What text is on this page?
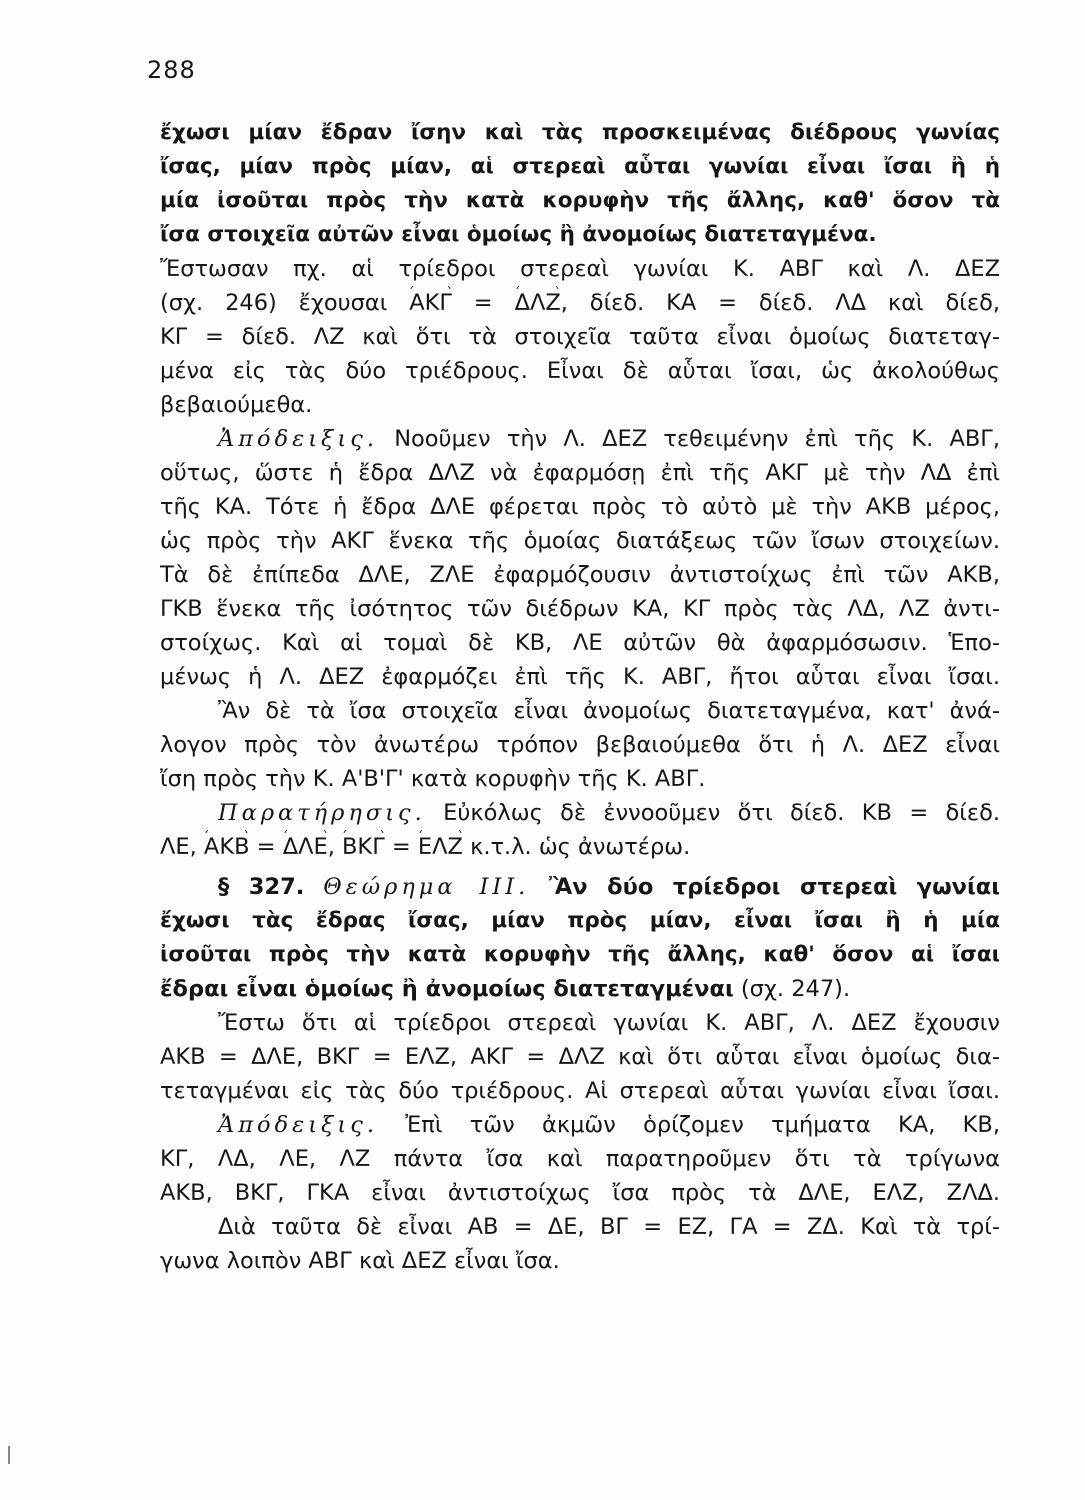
288
ἔχωσι μίαν ἔδραν ἴσην καὶ τὰς προσκειμένας διέδρους γωνίας
ἴσας, μίαν πρὸς μίαν, αἱ στερεαὶ αὗται γωνίαι εἶναι ἴσαι ἢ ἡ
μία ἰσοῦται πρὸς τὴν κατὰ κορυφὴν τῆς ἄλλης, καθ' ὅσον τὰ
ἴσα στοιχεῖα αὐτῶν εἶναι ὁμοίως ἢ ἀνομοίως διατεταγμένα.
Ἔστωσαν πχ. αἱ τρίεδροι στερεαὶ γωνίαι Κ. ΑΒΓ καὶ Λ. ΔΕΖ
(σχ. 246) ἔχουσαι ΑΚΓ = ΔΛΖ, δίεδ. ΚΑ = δίεδ. ΛΔ καὶ δίεδ,
ΚΓ = δίεδ. ΛΖ καὶ ὅτι τὰ στοιχεῖα ταῦτα εἶναι ὁμοίως διατεταγ-
μένα εἰς τὰς δύο τριέδρους. Εἶναι δὲ αὗται ἴσαι, ὡς ἀκολούθως
βεβαιούμεθα.
Ἀπόδειξις. Νοοῦμεν τὴν Λ. ΔΕΖ τεθειμένην ἐπὶ τῆς Κ. ΑΒΓ,
οὕτως, ὥστε ἡ ἔδρα ΔΛΖ νὰ ἐφαρμόσῃ ἐπὶ τῆς ΑΚΓ μὲ τὴν ΛΔ ἐπὶ
τῆς ΚΑ. Τότε ἡ ἔδρα ΔΛΕ φέρεται πρὸς τὸ αὐτὸ μὲ τὴν ΑΚΒ μέρος,
ὡς πρὸς τὴν ΑΚΓ ἕνεκα τῆς ὁμοίας διατάξεως τῶν ἴσων στοιχείων.
Τὰ δὲ ἐπίπεδα ΔΛΕ, ΖΛΕ ἐφαρμόζουσιν ἀντιστοίχως ἐπὶ τῶν ΑΚΒ,
ΓΚΒ ἕνεκα τῆς ἰσότητος τῶν διέδρων ΚΑ, ΚΓ πρὸς τὰς ΛΔ, ΛΖ ἀντι-
στοίχως. Καὶ αἱ τομαὶ δὲ ΚΒ, ΛΕ αὐτῶν θὰ ἀφαρμόσωσιν. Ἑπο-
μένως ἡ Λ. ΔΕΖ ἐφαρμόζει ἐπὶ τῆς Κ. ΑΒΓ, ἤτοι αὗται εἶναι ἴσαι.
Ἂν δὲ τὰ ἴσα στοιχεῖα εἶναι ἀνομοίως διατεταγμένα, κατ' ἀνά-
λογον πρὸς τὸν ἀνωτέρω τρόπον βεβαιούμεθα ὅτι ἡ Λ. ΔΕΖ εἶναι
ἴση πρὸς τὴν Κ. Α'Β'Γ' κατὰ κορυφὴν τῆς Κ. ΑΒΓ.
Παρατήρησις. Εὐκόλως δὲ ἐννοοῦμεν ὅτι δίεδ. ΚΒ = δίεδ.
ΛΕ, ΑΚΒ = ΔΛΕ, ΒΚΓ = ΕΛΖ κ.τ.λ. ὡς ἀνωτέρω.
§ 327. Θεώρημα ΙΙΙ. Ἂν δύο τρίεδροι στερεαὶ γωνίαι
ἔχωσι τὰς ἔδρας ἴσας, μίαν πρὸς μίαν, εἶναι ἴσαι ἢ ἡ μία
ἰσοῦται πρὸς τὴν κατὰ κορυφὴν τῆς ἄλλης, καθ' ὅσον αἱ ἴσαι
ἔδραι εἶναι ὁμοίως ἢ ἀνομοίως διατεταγμέναι (σχ. 247).
Ἔστω ὅτι αἱ τρίεδροι στερεαὶ γωνίαι Κ. ΑΒΓ, Λ. ΔΕΖ ἔχουσιν
ΑΚΒ = ΔΛΕ, ΒΚΓ = ΕΛΖ, ΑΚΓ = ΔΛΖ καὶ ὅτι αὗται εἶναι ὁμοίως δια-
τεταγμέναι εἰς τὰς δύο τριέδρους. Αἱ στερεαὶ αὗται γωνίαι εἶναι ἴσαι.
Ἀπόδειξις. Ἐπὶ τῶν ἀκμῶν ὁρίζομεν τμήματα ΚΑ, ΚΒ,
ΚΓ, ΛΔ, ΛΕ, ΛΖ πάντα ἴσα καὶ παρατηροῦμεν ὅτι τὰ τρίγωνα
ΑΚΒ, ΒΚΓ, ΓΚΑ εἶναι ἀντιστοίχως ἴσα πρὸς τὰ ΔΛΕ, ΕΛΖ, ΖΛΔ.
Διὰ ταῦτα δὲ εἶναι ΑΒ = ΔΕ, ΒΓ = ΕΖ, ΓΑ = ΖΔ. Καὶ τὰ τρί-
γωνα λοιπὸν ΑΒΓ καὶ ΔΕΖ εἶναι ἴσα.
